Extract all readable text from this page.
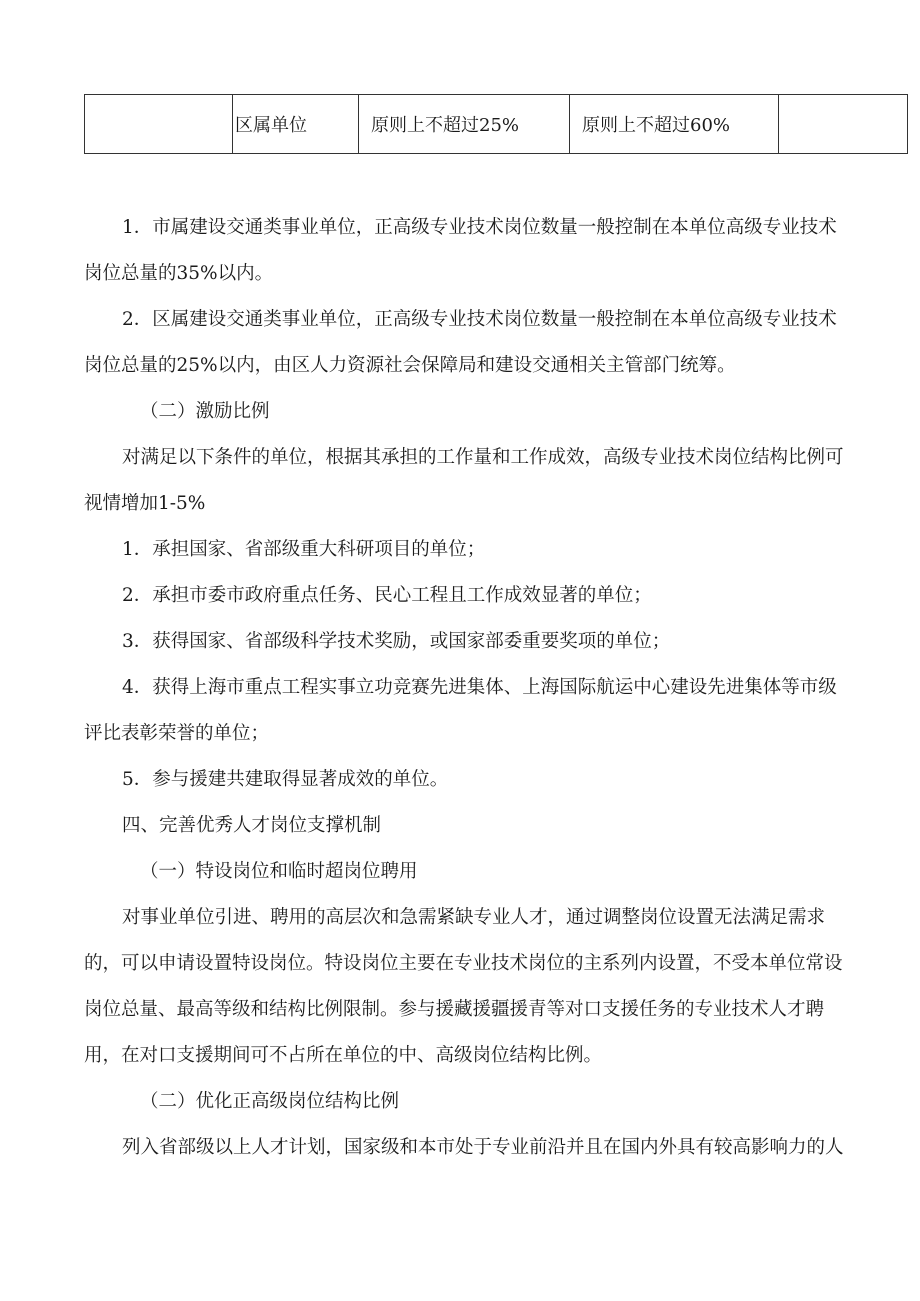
	区属单位	原则上不超过25%	原则上不超过60%	

1．市属建设交通类事业单位，正高级专业技术岗位数量一般控制在本单位高级专业技术
岗位总量的35%以内。

2．区属建设交通类事业单位，正高级专业技术岗位数量一般控制在本单位高级专业技术
岗位总量的25%以内，由区人力资源社会保障局和建设交通相关主管部门统筹。

（二）激励比例

对满足以下条件的单位，根据其承担的工作量和工作成效，高级专业技术岗位结构比例可
视情增加1-5%

1．承担国家、省部级重大科研项目的单位；

2．承担市委市政府重点任务、民心工程且工作成效显著的单位；

3．获得国家、省部级科学技术奖励，或国家部委重要奖项的单位；

4．获得上海市重点工程实事立功竞赛先进集体、上海国际航运中心建设先进集体等市级
评比表彰荣誉的单位；

5．参与援建共建取得显著成效的单位。

四、完善优秀人才岗位支撑机制

（一）特设岗位和临时超岗位聘用

对事业单位引进、聘用的高层次和急需紧缺专业人才，通过调整岗位设置无法满足需求
的，可以申请设置特设岗位。特设岗位主要在专业技术岗位的主系列内设置，不受本单位常设
岗位总量、最高等级和结构比例限制。参与援藏援疆援青等对口支援任务的专业技术人才聘
用，在对口支援期间可不占所在单位的中、高级岗位结构比例。

（二）优化正高级岗位结构比例

列入省部级以上人才计划，国家级和本市处于专业前沿并且在国内外具有较高影响力的人
